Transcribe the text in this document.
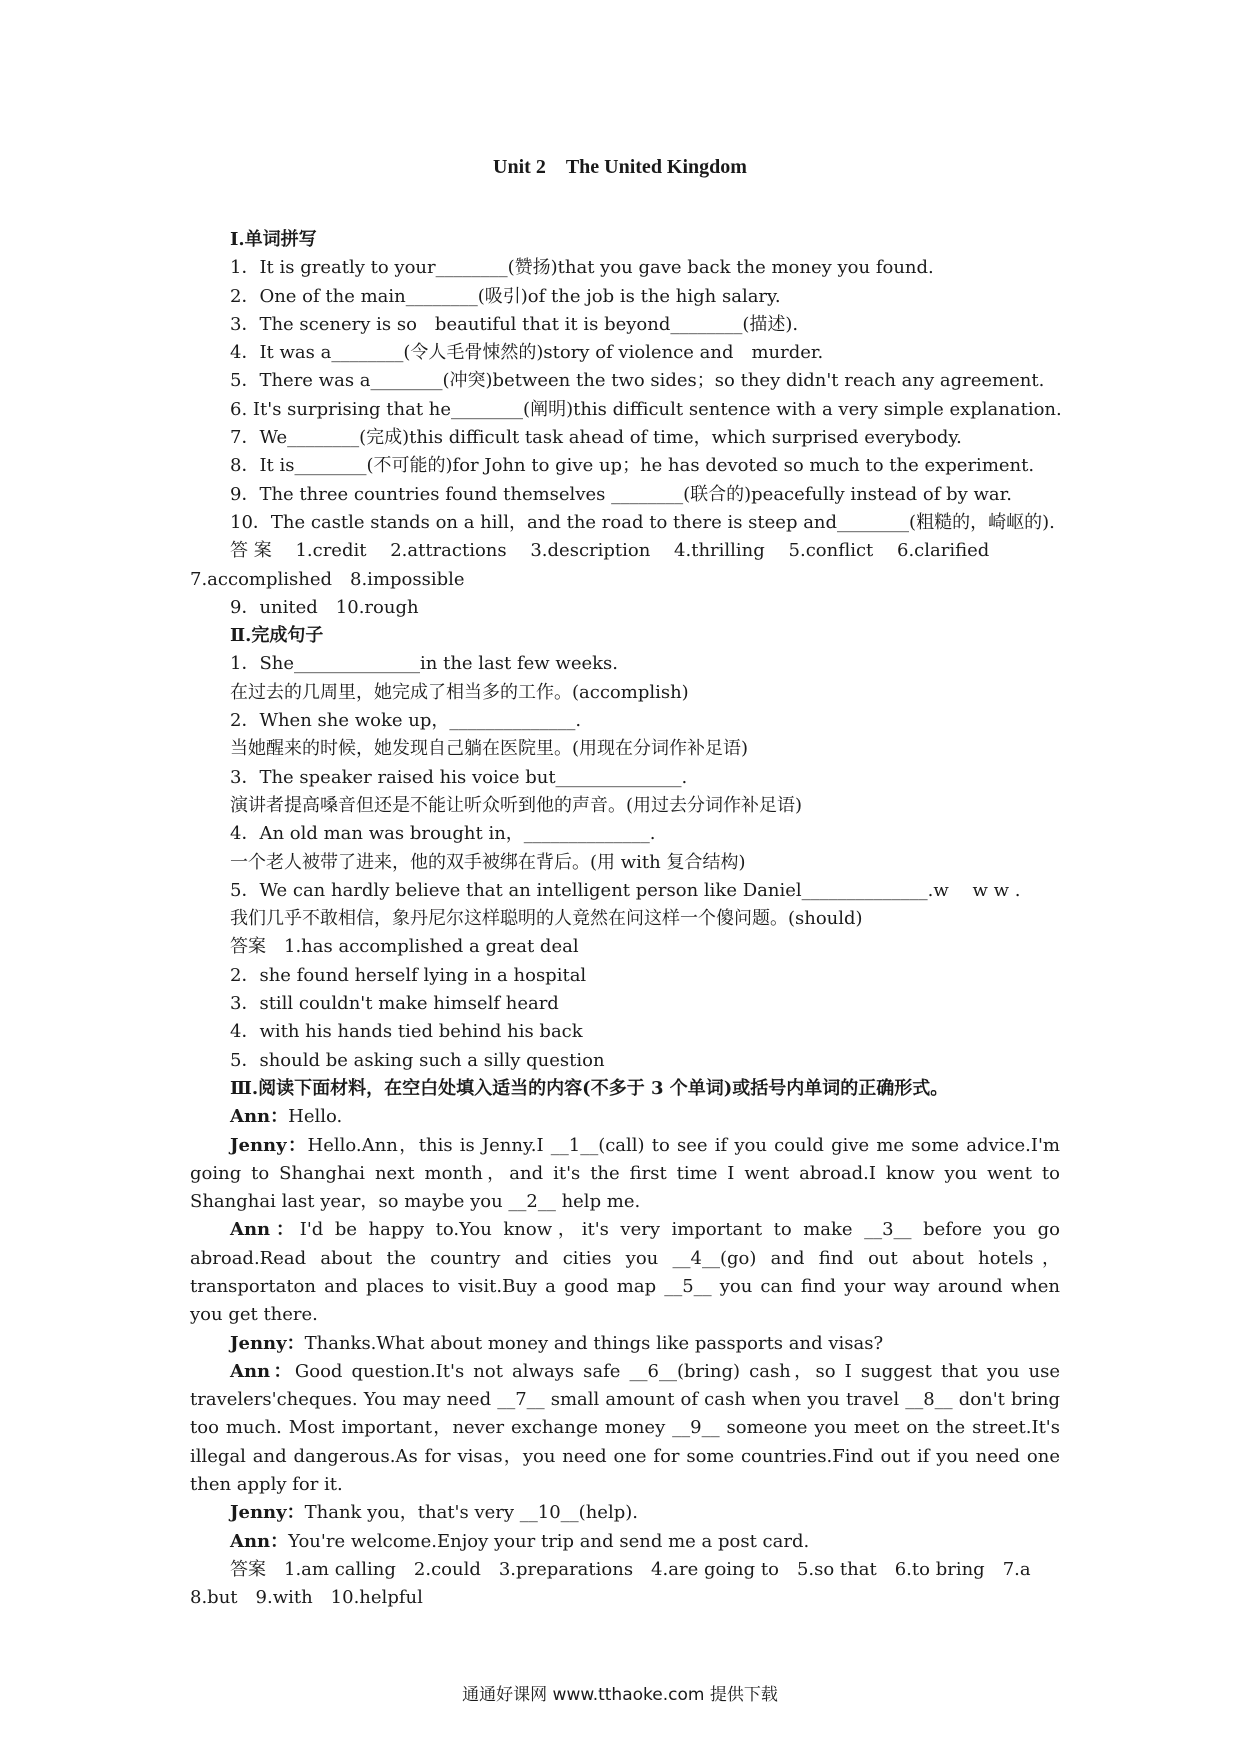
Unit 2　The United Kingdom
Ⅰ.单词拼写
1．It is greatly to your________(赞扬)that you gave back the money you found.
2．One of the main________(吸引)of the job is the high salary.
3．The scenery is so　beautiful that it is beyond________(描述).
4．It was a________(令人毛骨悚然的)story of violence and　murder.
5．There was a________(冲突)between the two sides；so they didn't reach any agreement.
6. It's surprising that he________(阐明)this difficult sentence with a very simple explanation.
7．We________(完成)this difficult task ahead of time，which surprised everybody.
8．It is________(不可能的)for John to give up；he has devoted so much to the experiment.
9．The three countries found themselves ________(联合的)peacefully instead of by war.
10．The castle stands on a hill，and the road to there is steep and________(粗糙的，崎岖的).
答 案　 1.credit　 2.attractions　 3.description　 4.thrilling　 5.conflict　 6.clarified
7.accomplished　8.impossible
9．united　10.rough
Ⅱ.完成句子
1．She______________in the last few weeks.
在过去的几周里，她完成了相当多的工作。(accomplish)
2．When she woke up，______________.
当她醒来的时候，她发现自己躺在医院里。(用现在分词作补足语)
3．The speaker raised his voice but______________.
演讲者提高嗓音但还是不能让听众听到他的声音。(用过去分词作补足语)
4．An old man was brought in，______________.
一个老人被带了进来，他的双手被绑在背后。(用 with 复合结构)
5．We can hardly believe that an intelligent person like Daniel______________.w　 w w .
我们几乎不敢相信，象丹尼尔这样聪明的人竟然在问这样一个傻问题。(should)
答案　1.has accomplished a great deal
2．she found herself lying in a hospital
3．still couldn't make himself heard
4．with his hands tied behind his back
5．should be asking such a silly question
Ⅲ.阅读下面材料，在空白处填入适当的内容(不多于 3 个单词)或括号内单词的正确形式。
Ann：Hello.
Jenny：Hello.Ann，this is Jenny.I __1__(call) to see if you could give me some advice.I'm going to Shanghai next month，and it's the first time I went abroad.I know you went to Shanghai last year，so maybe you __2__ help me.
Ann：I'd be happy to.You know，it's very important to make __3__ before you go abroad.Read about the country and cities you __4__(go) and find out about hotels，transportaton and places to visit.Buy a good map __5__ you can find your way around when you get there.
Jenny：Thanks.What about money and things like passports and visas?
Ann：Good question.It's not always safe __6__(bring) cash，so I suggest that you use travelers'cheques. You may need __7__ small amount of cash when you travel __8__ don't bring too much. Most important，never exchange money __9__ someone you meet on the street.It's illegal and dangerous.As for visas，you need one for some countries.Find out if you need one then apply for it.
Jenny：Thank you，that's very __10__(help).
Ann：You're welcome.Enjoy your trip and send me a post card.
答案　1.am calling　2.could　3.preparations　4.are going to　5.so that　6.to bring　7.a
8.but　9.with　10.helpful
通通好课网 www.tthaoke.com 提供下载
